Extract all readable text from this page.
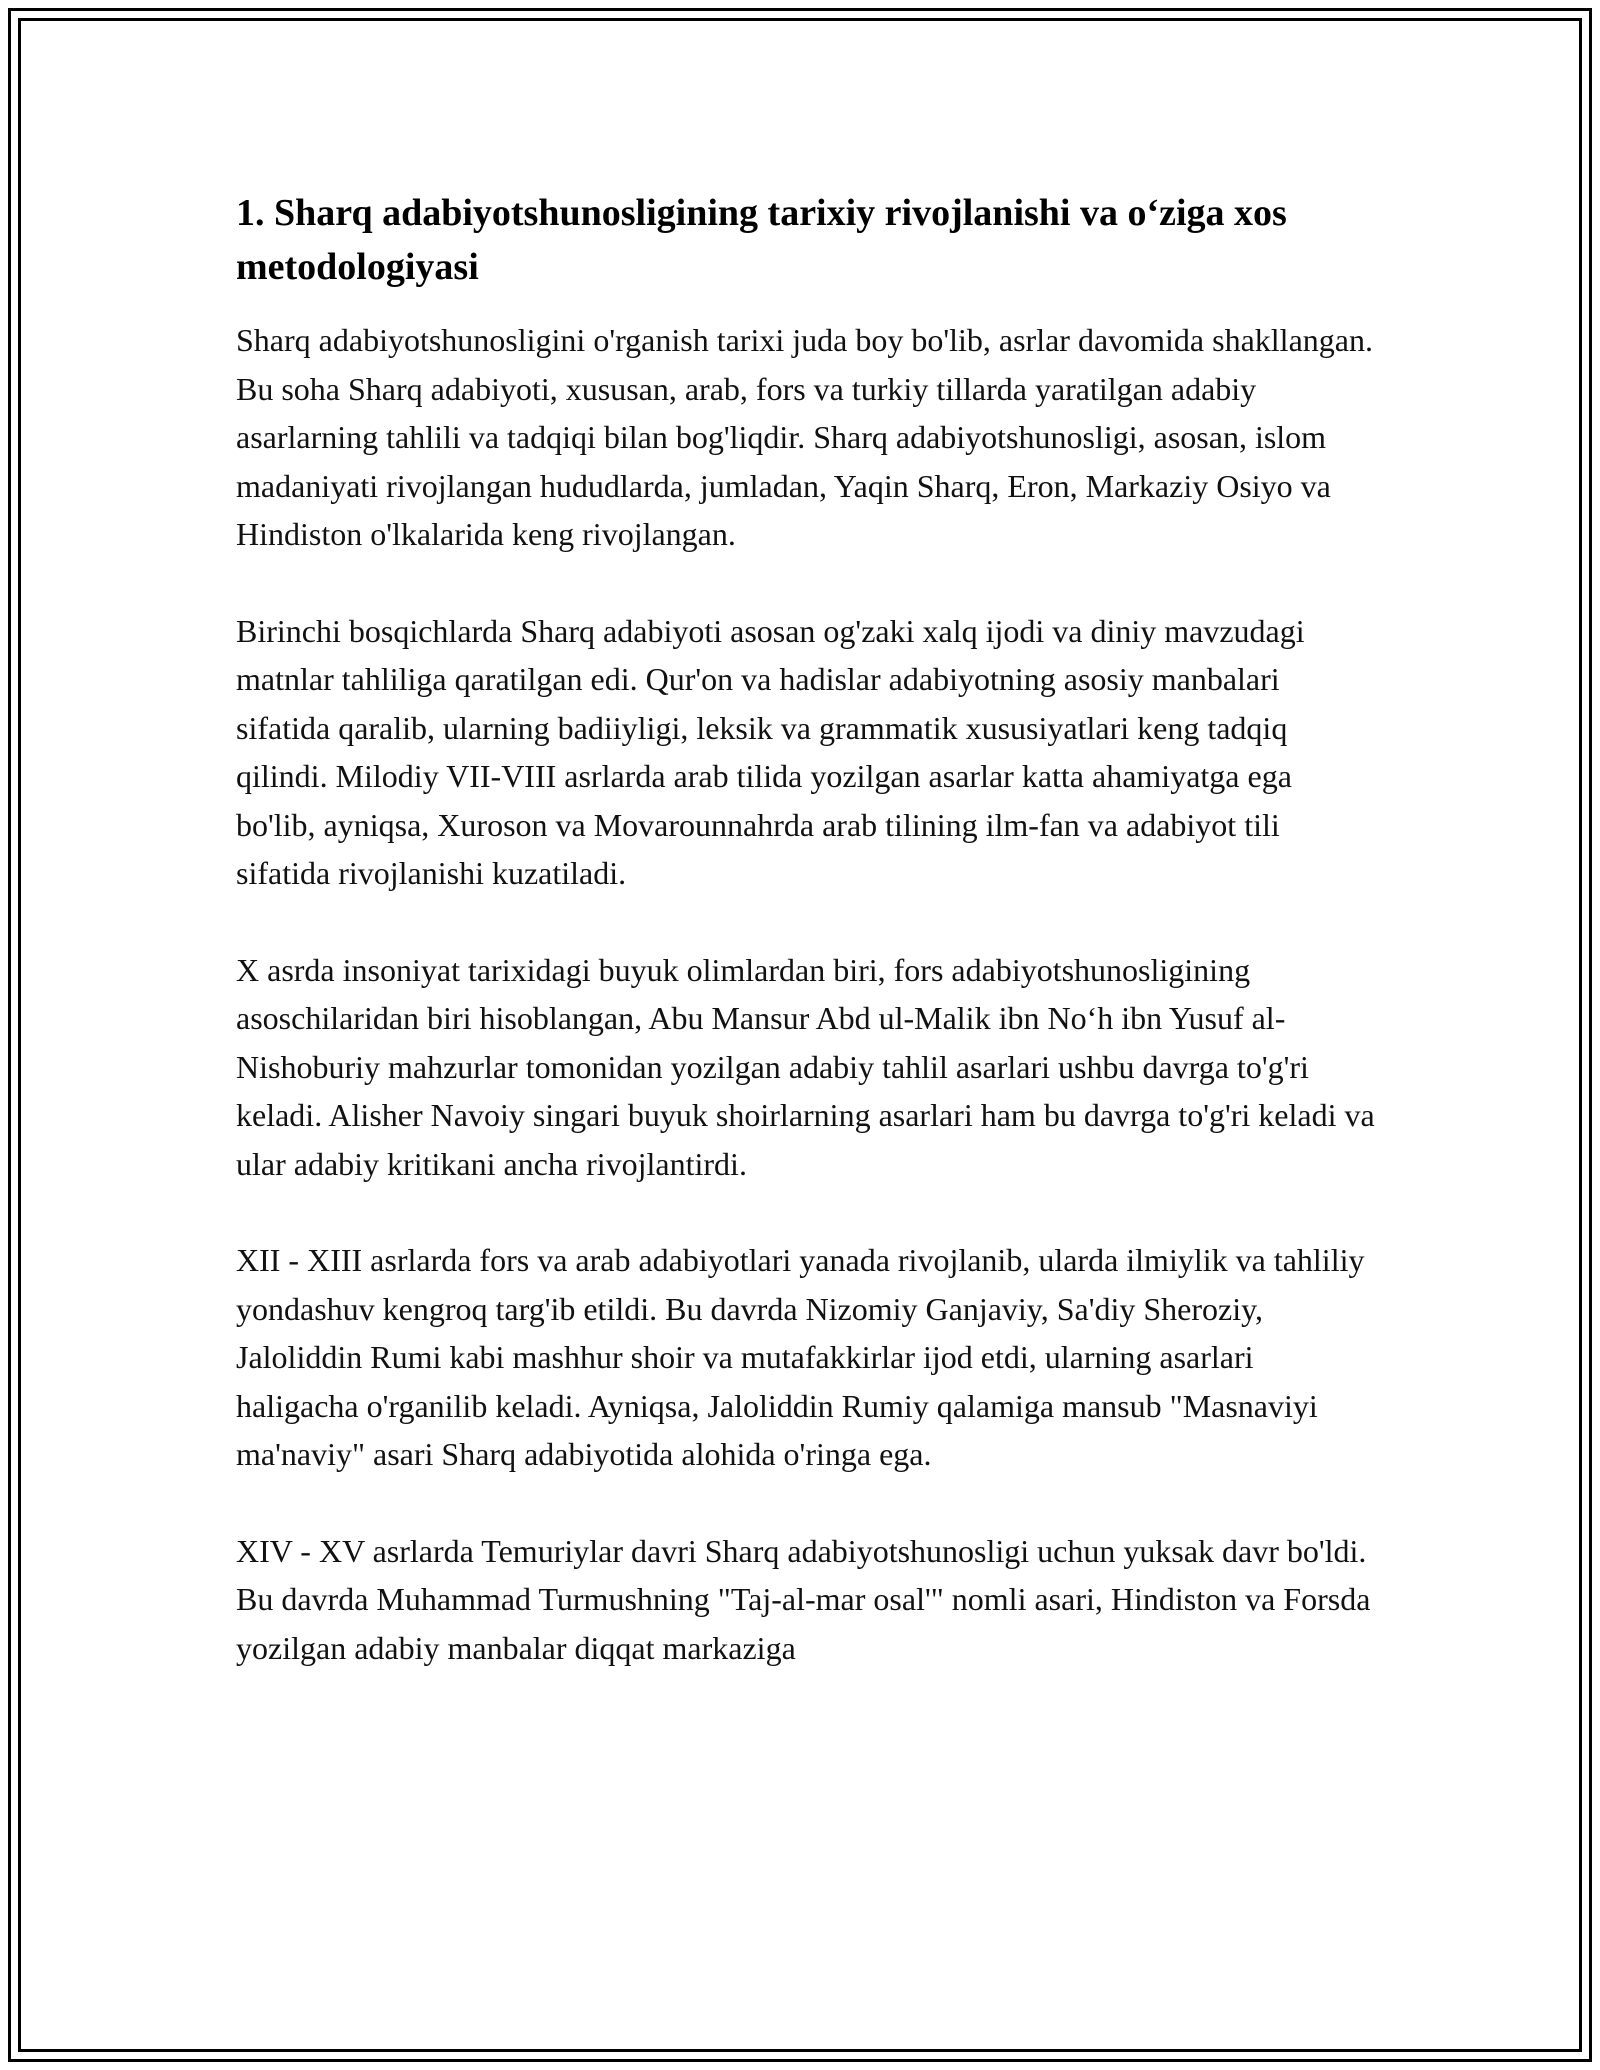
1. Sharq adabiyotshunosligining tarixiy rivojlanishi va o‘ziga xos metodologiyasi

Sharq adabiyotshunosligini o'rganish tarixi juda boy bo'lib, asrlar davomida shakllangan. Bu soha Sharq adabiyoti, xususan, arab, fors va turkiy tillarda yaratilgan adabiy asarlarning tahlili va tadqiqi bilan bog'liqdir. Sharq adabiyotshunosligi, asosan, islom madaniyati rivojlangan hududlarda, jumladan, Yaqin Sharq, Eron, Markaziy Osiyo va Hindiston o'lkalarida keng rivojlangan.

Birinchi bosqichlarda Sharq adabiyoti asosan og'zaki xalq ijodi va diniy mavzudagi matnlar tahliliga qaratilgan edi. Qur'on va hadislar adabiyotning asosiy manbalari sifatida qaralib, ularning badiiyligi, leksik va grammatik xususiyatlari keng tadqiq qilindi. Milodiy VII-VIII asrlarda arab tilida yozilgan asarlar katta ahamiyatga ega bo'lib, ayniqsa, Xuroson va Movarounnahrda arab tilining ilm-fan va adabiyot tili sifatida rivojlanishi kuzatiladi.

X asrda insoniyat tarixidagi buyuk olimlardan biri, fors adabiyotshunosligining asoschilaridan biri hisoblangan, Abu Mansur Abd ul-Malik ibn No‘h ibn Yusuf al-Nishoburiy mahzurlar tomonidan yozilgan adabiy tahlil asarlari ushbu davrga to'g'ri keladi. Alisher Navoiy singari buyuk shoirlarning asarlari ham bu davrga to'g'ri keladi va ular adabiy kritikani ancha rivojlantirdi.

XII - XIII asrlarda fors va arab adabiyotlari yanada rivojlanib, ularda ilmiylik va tahliliy yondashuv kengroq targ'ib etildi. Bu davrda Nizomiy Ganjaviy, Sa'diy Sheroziy, Jaloliddin Rumi kabi mashhur shoir va mutafakkirlar ijod etdi, ularning asarlari haligacha o'rganilib keladi. Ayniqsa, Jaloliddin Rumiy qalamiga mansub "Masnaviyi ma'naviy" asari Sharq adabiyotida alohida o'ringa ega.

XIV - XV asrlarda Temuriylar davri Sharq adabiyotshunosligi uchun yuksak davr bo'ldi. Bu davrda Muhammad Turmushning "Taj-al-mar osal'" nomli asari, Hindiston va Forsda yozilgan adabiy manbalar diqqat markaziga
